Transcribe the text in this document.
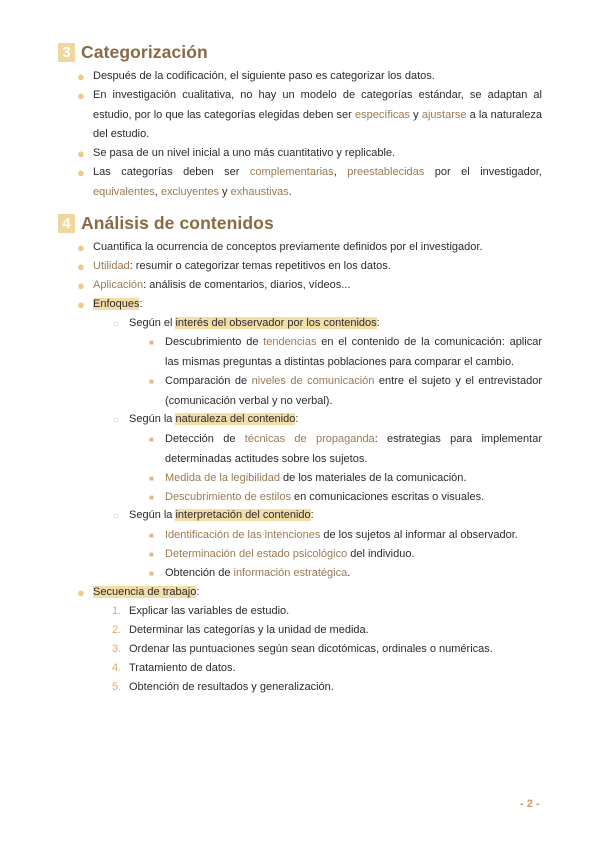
3 Categorización
● Después de la codificación, el siguiente paso es categorizar los datos.
● En investigación cualitativa, no hay un modelo de categorías estándar, se adaptan al estudio, por lo que las categorías elegidas deben ser específicas y ajustarse a la naturaleza del estudio.
● Se pasa de un nivel inicial a uno más cuantitativo y replicable.
● Las categorías deben ser complementarias, preestablecidas por el investigador, equivalentes, excluyentes y exhaustivas.
4 Análisis de contenidos
● Cuantifica la ocurrencia de conceptos previamente definidos por el investigador.
● Utilidad: resumir o categorizar temas repetitivos en los datos.
● Aplicación: análisis de comentarios, diarios, vídeos...
● Enfoques:
○ Según el interés del observador por los contenidos:
■ Descubrimiento de tendencias en el contenido de la comunicación: aplicar las mismas preguntas a distintas poblaciones para comparar el cambio.
■ Comparación de niveles de comunicación entre el sujeto y el entrevistador (comunicación verbal y no verbal).
○ Según la naturaleza del contenido:
■ Detección de técnicas de propaganda: estrategias para implementar determinadas actitudes sobre los sujetos.
■ Medida de la legibilidad de los materiales de la comunicación.
■ Descubrimiento de estilos en comunicaciones escritas o visuales.
○ Según la interpretación del contenido:
■ Identificación de las intenciones de los sujetos al informar al observador.
■ Determinación del estado psicológico del individuo.
■ Obtención de información estratégica.
● Secuencia de trabajo:
1. Explicar las variables de estudio.
2. Determinar las categorías y la unidad de medida.
3. Ordenar las puntuaciones según sean dicotómicas, ordinales o numéricas.
4. Tratamiento de datos.
5. Obtención de resultados y generalización.
- 2 -
